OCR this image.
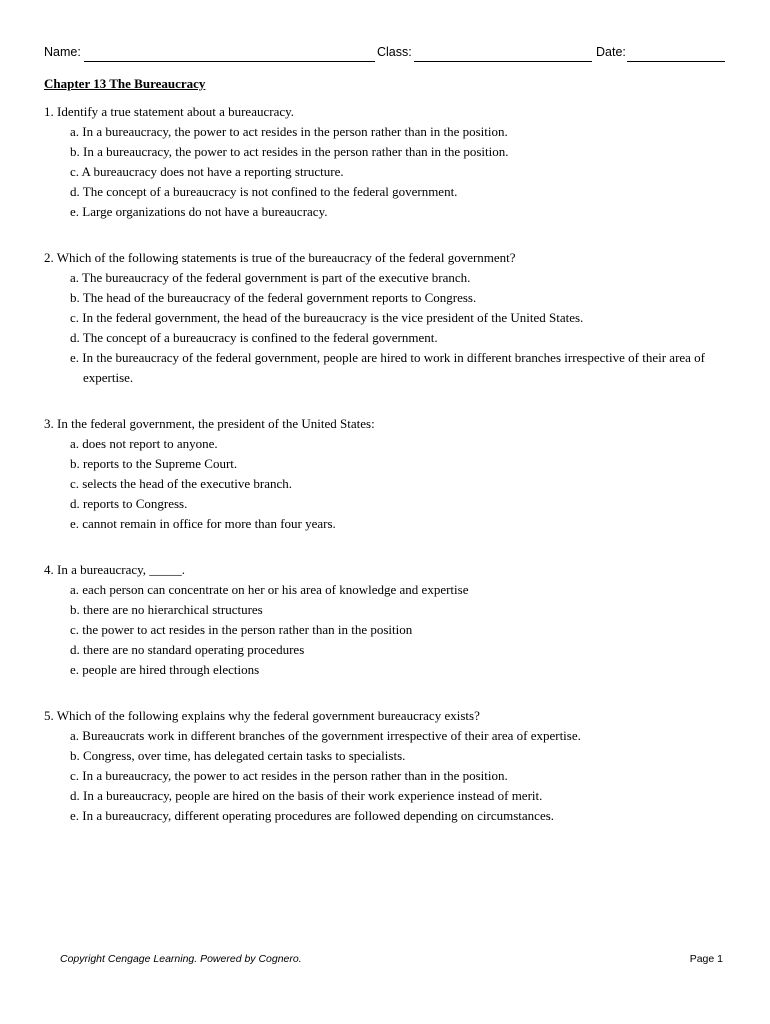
Name:	Class:	Date:

Chapter 13 The Bureaucracy

1. Identify a true statement about a bureaucracy.

a. In a bureaucracy, the power to act resides in the person rather than in the position.
b. In a bureaucracy, the power to act resides in the person rather than in the position.
c. A bureaucracy does not have a reporting structure.
d. The concept of a bureaucracy is not confined to the federal government.
e. Large organizations do not have a bureaucracy.

2. Which of the following statements is true of the bureaucracy of the federal government?

a. The bureaucracy of the federal government is part of the executive branch.
b. The head of the bureaucracy of the federal government reports to Congress.
c. In the federal government, the head of the bureaucracy is the vice president of the United States.
d. The concept of a bureaucracy is confined to the federal government.
e. In the bureaucracy of the federal government, people are hired to work in different branches irrespective of their area of expertise.

3. In the federal government, the president of the United States:

a. does not report to anyone.
b. reports to the Supreme Court.
c. selects the head of the executive branch.
d. reports to Congress.
e. cannot remain in office for more than four years.

4. In a bureaucracy, _____.

a. each person can concentrate on her or his area of knowledge and expertise
b. there are no hierarchical structures
c. the power to act resides in the person rather than in the position
d. there are no standard operating procedures
e. people are hired through elections

5. Which of the following explains why the federal government bureaucracy exists?

a. Bureaucrats work in different branches of the government irrespective of their area of expertise.
b. Congress, over time, has delegated certain tasks to specialists.
c. In a bureaucracy, the power to act resides in the person rather than in the position.
d. In a bureaucracy, people are hired on the basis of their work experience instead of merit.
e. In a bureaucracy, different operating procedures are followed depending on circumstances.
Copyright Cengage Learning. Powered by Cognero.	Page 1
